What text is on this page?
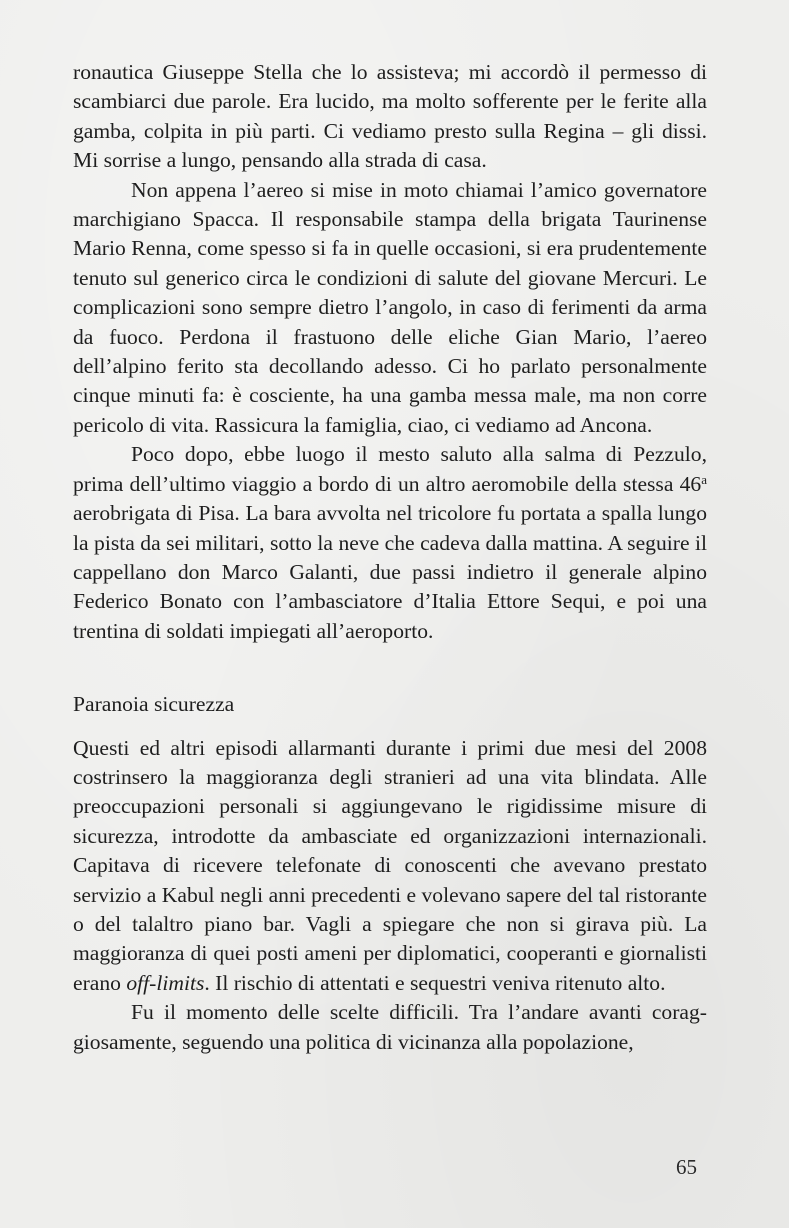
ronautica Giuseppe Stella che lo assisteva; mi accordò il permesso di scambiarci due parole. Era lucido, ma molto sofferente per le ferite alla gamba, colpita in più parti. Ci vediamo presto sulla Regina – gli dissi. Mi sorrise a lungo, pensando alla strada di casa.

Non appena l’aereo si mise in moto chiamai l’amico governatore marchigiano Spacca. Il responsabile stampa della brigata Taurinense Mario Renna, come spesso si fa in quelle occasioni, si era prudentemente tenuto sul generico circa le condizioni di salute del giovane Mercuri. Le complicazioni sono sempre dietro l’angolo, in caso di ferimenti da arma da fuoco. Perdona il frastuono delle eliche Gian Mario, l’aereo dell’alpino ferito sta decollando adesso. Ci ho parlato personalmente cinque minuti fa: è cosciente, ha una gamba messa male, ma non corre pericolo di vita. Rassicura la famiglia, ciao, ci vediamo ad Ancona.

Poco dopo, ebbe luogo il mesto saluto alla salma di Pezzulo, prima dell’ultimo viaggio a bordo di un altro aeromobile della stessa 46$^a$ aerobrigata di Pisa. La bara avvolta nel tricolore fu portata a spalla lungo la pista da sei militari, sotto la neve che cadeva dalla mattina. A seguire il cappellano don Marco Galanti, due passi indietro il generale alpino Federico Bonato con l’ambasciatore d’Italia Ettore Sequi, e poi una trentina di soldati impiegati all’aeroporto.

Paranoia sicurezza

Questi ed altri episodi allarmanti durante i primi due mesi del 2008 costrinsero la maggioranza degli stranieri ad una vita blindata. Alle preoccupazioni personali si aggiungevano le rigidissime misure di sicurezza, introdotte da ambasciate ed organizzazioni internazionali. Capitava di ricevere telefonate di conoscenti che avevano prestato servizio a Kabul negli anni precedenti e volevano sapere del tal ristorante o del talaltro piano bar. Vagli a spiegare che non si girava più. La maggioranza di quei posti ameni per diplomatici, cooperanti e giornalisti erano off-limits. Il rischio di attentati e sequestri veniva ritenuto alto.

Fu il momento delle scelte difficili. Tra l’andare avanti coraggiosamente, seguendo una politica di vicinanza alla popolazione,

65
